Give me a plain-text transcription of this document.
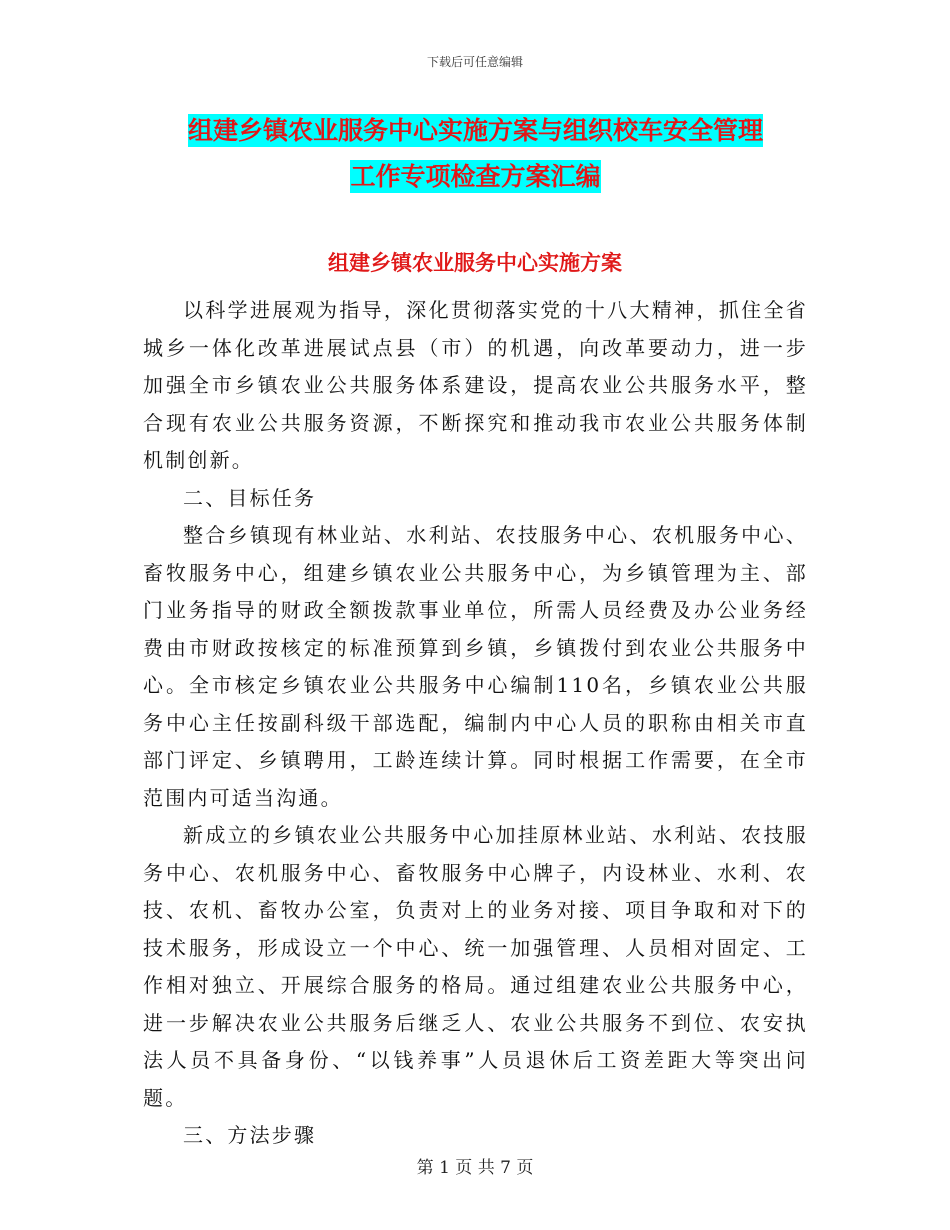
下载后可任意编辑
组建乡镇农业服务中心实施方案与组织校车安全管理
工作专项检查方案汇编
组建乡镇农业服务中心实施方案

以科学进展观为指导，深化贯彻落实党的十八大精神，抓住全省城乡一体化改革进展试点县（市）的机遇，向改革要动力，进一步加强全市乡镇农业公共服务体系建设，提高农业公共服务水平，整合现有农业公共服务资源，不断探究和推动我市农业公共服务体制机制创新。

二、目标任务

整合乡镇现有林业站、水利站、农技服务中心、农机服务中心、畜牧服务中心，组建乡镇农业公共服务中心，为乡镇管理为主、部门业务指导的财政全额拨款事业单位，所需人员经费及办公业务经费由市财政按核定的标准预算到乡镇，乡镇拨付到农业公共服务中心。全市核定乡镇农业公共服务中心编制110名，乡镇农业公共服务中心主任按副科级干部选配，编制内中心人员的职称由相关市直部门评定、乡镇聘用，工龄连续计算。同时根据工作需要，在全市范围内可适当沟通。

新成立的乡镇农业公共服务中心加挂原林业站、水利站、农技服务中心、农机服务中心、畜牧服务中心牌子，内设林业、水利、农技、农机、畜牧办公室，负责对上的业务对接、项目争取和对下的技术服务，形成设立一个中心、统一加强管理、人员相对固定、工作相对独立、开展综合服务的格局。通过组建农业公共服务中心，进一步解决农业公共服务后继乏人、农业公共服务不到位、农安执法人员不具备身份、“以钱养事”人员退休后工资差距大等突出问题。

三、方法步骤

第 1 页 共 7 页
